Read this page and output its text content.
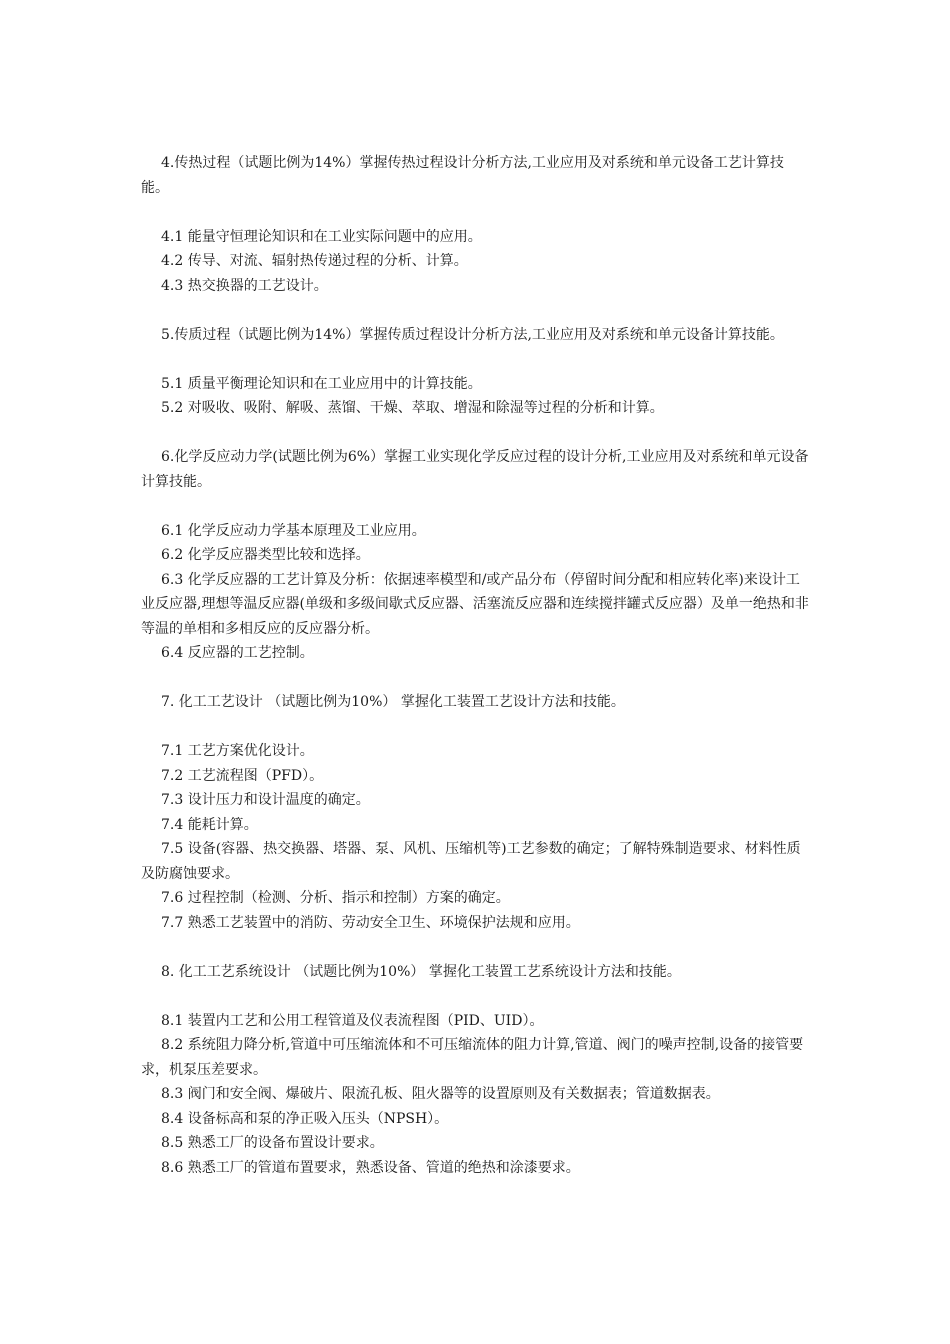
4.传热过程（试题比例为14%）掌握传热过程设计分析方法,工业应用及对系统和单元设备工艺计算技能。

4.1 能量守恒理论知识和在工业实际问题中的应用。

4.2 传导、对流、辐射热传递过程的分析、计算。

4.3 热交换器的工艺设计。

5.传质过程（试题比例为14%）掌握传质过程设计分析方法,工业应用及对系统和单元设备计算技能。

5.1 质量平衡理论知识和在工业应用中的计算技能。

5.2 对吸收、吸附、解吸、蒸馏、干燥、萃取、增湿和除湿等过程的分析和计算。

6.化学反应动力学(试题比例为6%）掌握工业实现化学反应过程的设计分析,工业应用及对系统和单元设备计算技能。

6.1 化学反应动力学基本原理及工业应用。

6.2 化学反应器类型比较和选择。

6.3 化学反应器的工艺计算及分析：依据速率模型和/或产品分布（停留时间分配和相应转化率)来设计工业反应器,理想等温反应器(单级和多级间歇式反应器、活塞流反应器和连续搅拌罐式反应器）及单一绝热和非等温的单相和多相反应的反应器分析。

6.4 反应器的工艺控制。

7. 化工工艺设计 （试题比例为10%） 掌握化工装置工艺设计方法和技能。

7.1 工艺方案优化设计。

7.2 工艺流程图（PFD）。

7.3 设计压力和设计温度的确定。

7.4 能耗计算。

7.5 设备(容器、热交换器、塔器、泵、风机、压缩机等)工艺参数的确定；了解特殊制造要求、材料性质及防腐蚀要求。

7.6 过程控制（检测、分析、指示和控制）方案的确定。

7.7 熟悉工艺装置中的消防、劳动安全卫生、环境保护法规和应用。

8. 化工工艺系统设计 （试题比例为10%） 掌握化工装置工艺系统设计方法和技能。

8.1 装置内工艺和公用工程管道及仪表流程图（PID、UID）。

8.2 系统阻力降分析,管道中可压缩流体和不可压缩流体的阻力计算,管道、阀门的噪声控制,设备的接管要求，机泵压差要求。

8.3 阀门和安全阀、爆破片、限流孔板、阻火器等的设置原则及有关数据表；管道数据表。

8.4 设备标高和泵的净正吸入压头（NPSH）。

8.5 熟悉工厂的设备布置设计要求。

8.6 熟悉工厂的管道布置要求，熟悉设备、管道的绝热和涂漆要求。
